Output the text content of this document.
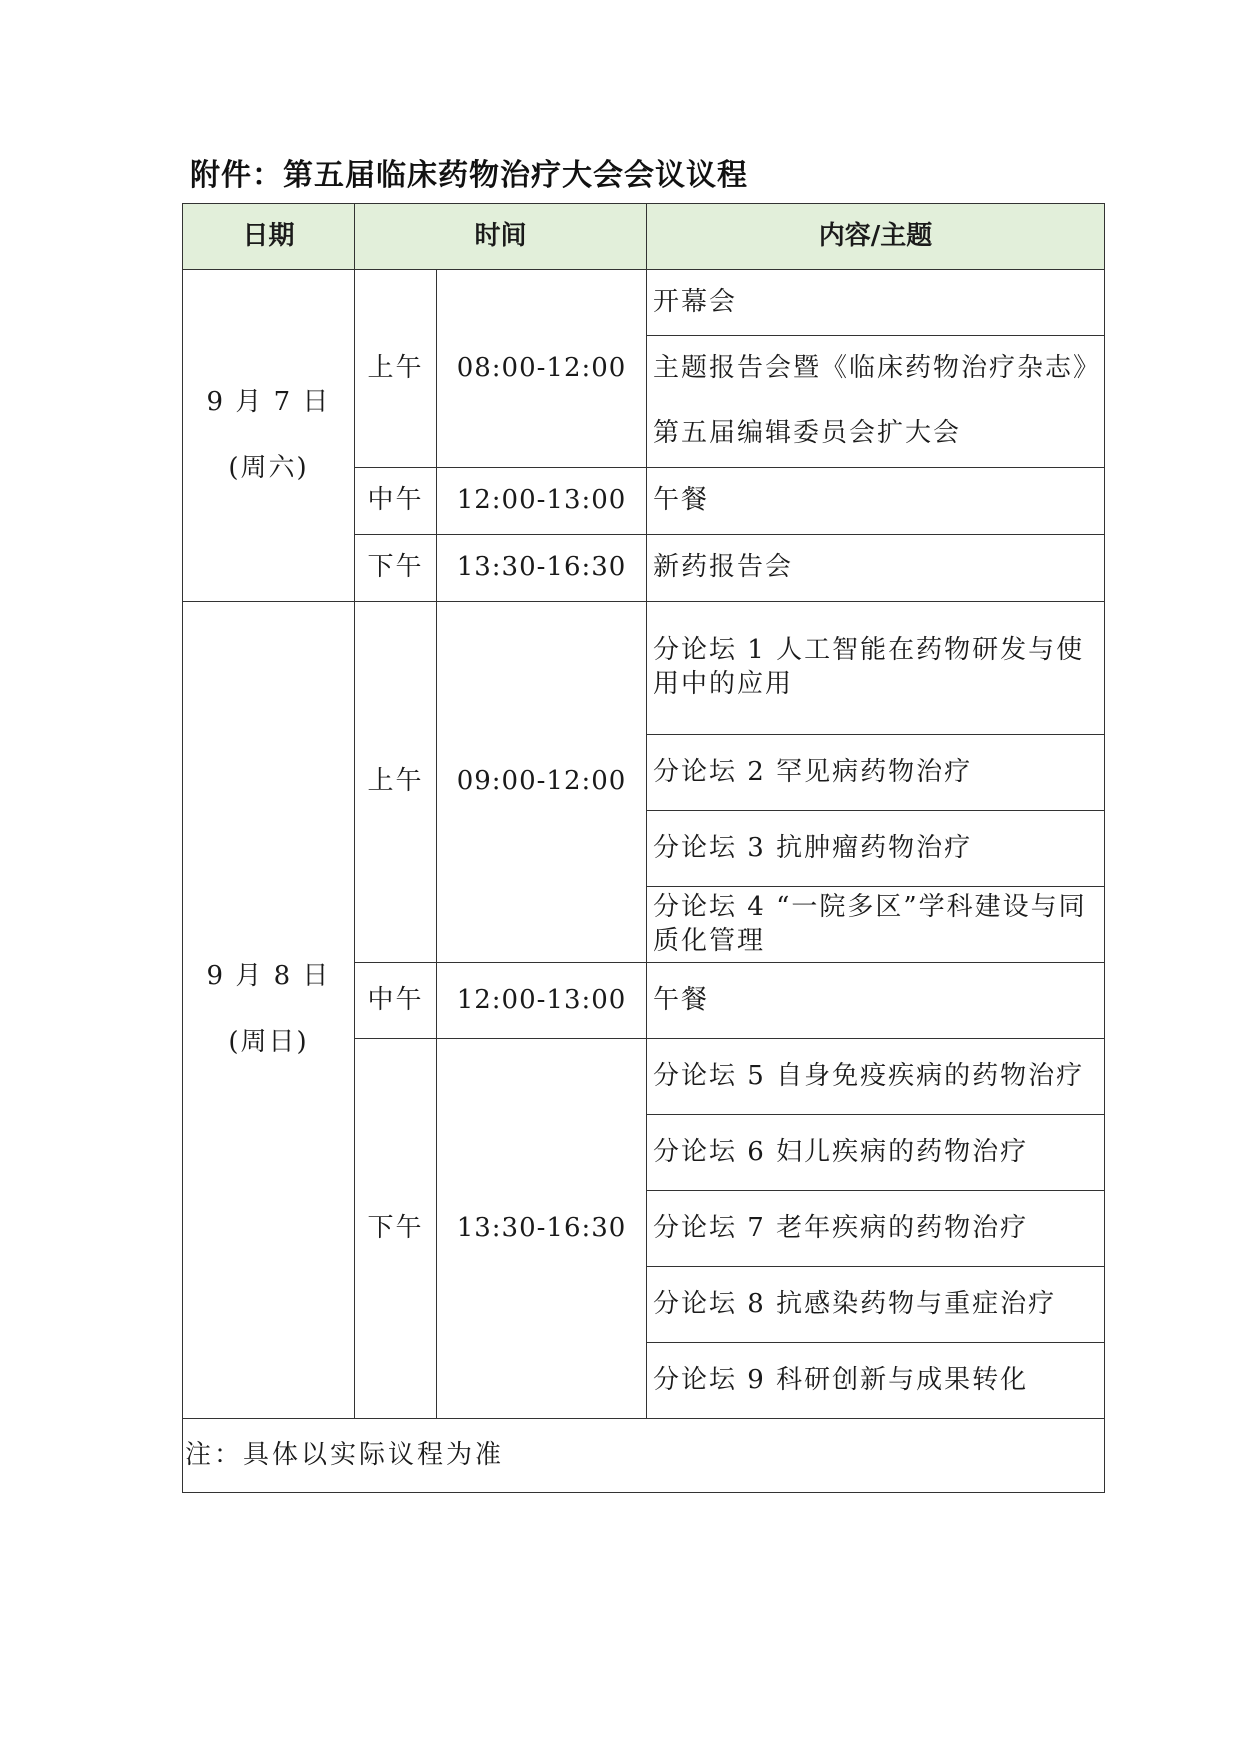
附件：第五届临床药物治疗大会会议议程
日期	时间		内容/主题

9 月 7 日
(周六)	上午	08:00-12:00	开幕会
			主题报告会暨《临床药物治疗杂志》
			第五届编辑委员会扩大会
	中午	12:00-13:00	午餐
	下午	13:30-16:30	新药报告会

9 月 8 日
(周日)	上午	09:00-12:00	分论坛 1 人工智能在药物研发与使用中的应用
			分论坛 2 罕见病药物治疗
			分论坛 3 抗肿瘤药物治疗
			分论坛 4 “一院多区”学科建设与同质化管理
	中午	12:00-13:00	午餐
	下午	13:30-16:30	分论坛 5 自身免疫疾病的药物治疗
			分论坛 6 妇儿疾病的药物治疗
			分论坛 7 老年疾病的药物治疗
			分论坛 8 抗感染药物与重症治疗
			分论坛 9 科研创新与成果转化
注：具体以实际议程为准			
